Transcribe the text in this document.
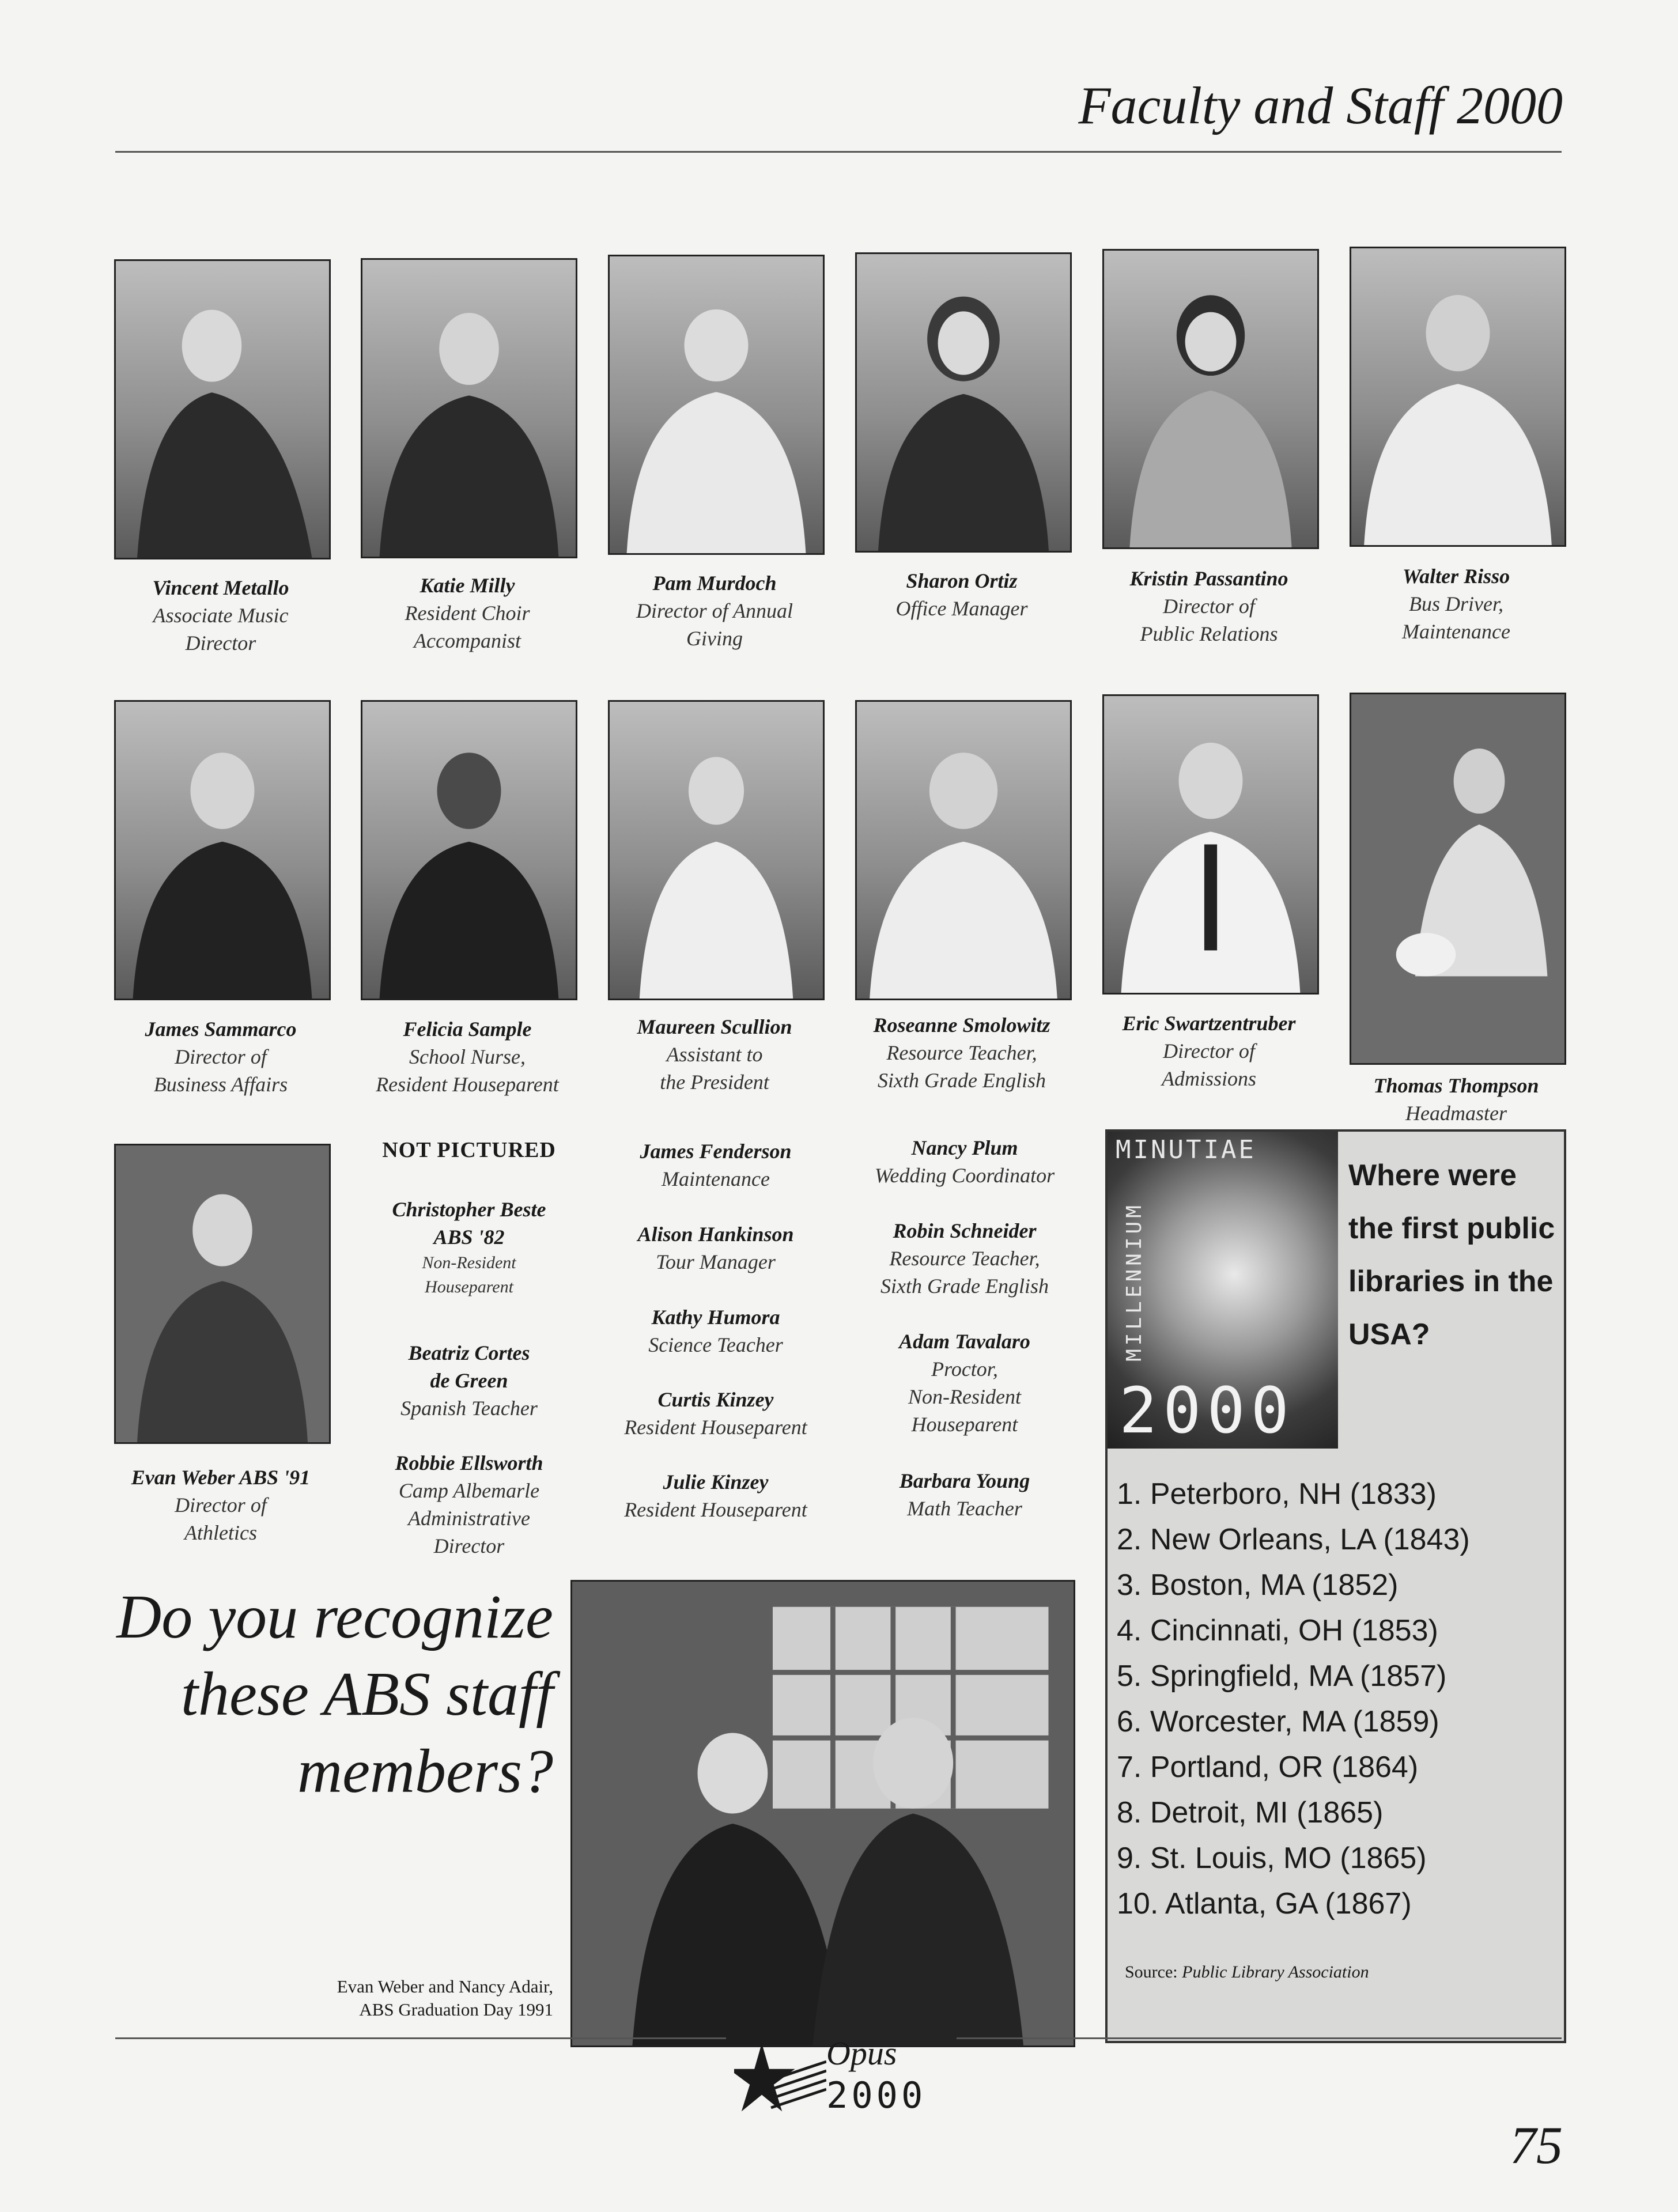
Faculty and Staff 2000
Vincent Metallo
Associate Music
Director
Katie Milly
Resident Choir
Accompanist
Pam Murdoch
Director of Annual
Giving
Sharon Ortiz
Office Manager
Kristin Passantino
Director of
Public Relations
Walter Risso
Bus Driver,
Maintenance
James Sammarco
Director of
Business Affairs
Felicia Sample
School Nurse,
Resident Houseparent
Maureen Scullion
Assistant to
the President
Roseanne Smolowitz
Resource Teacher,
Sixth Grade English
Eric Swartzentruber
Director of
Admissions	Thomas Thompson
Headmaster
Evan Weber ABS '91
Director of
Athletics
NOT PICTURED
Christopher Beste
ABS '82
Non-Resident
Houseparent
Beatriz Cortes
de Green
Spanish Teacher
Robbie Ellsworth
Camp Albemarle
Administrative
Director
James Fenderson
Maintenance
Alison Hankinson
Tour Manager
Kathy Humora
Science Teacher
Curtis Kinzey
Resident Houseparent
Julie Kinzey
Resident Houseparent
Nancy Plum
Wedding Coordinator
Robin Schneider
Resource Teacher,
Sixth Grade English
Adam Tavalaro
Proctor,
Non-Resident
Houseparent
Barbara Young
Math Teacher
MINUTIAE
MILLENNIUM
2000
Where were the first public libraries in the USA?
1. Peterboro, NH (1833)
2. New Orleans, LA (1843)
3. Boston, MA (1852)
4. Cincinnati, OH (1853)
5. Springfield, MA (1857)
6. Worcester, MA (1859)
7. Portland, OR (1864)
8. Detroit, MI (1865)
9. St. Louis, MO (1865)
10. Atlanta, GA (1867)
Source: Public Library Association
Do you recognize
these ABS staff
members?
Evan Weber and Nancy Adair,
ABS Graduation Day 1991
Opus
2000
75
